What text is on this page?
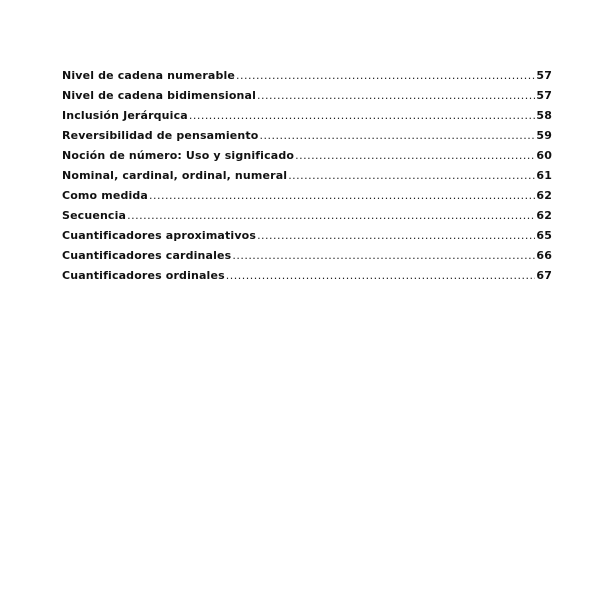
Nivel de cadena numerable .....	57
Nivel de cadena bidimensional .....	57
Inclusión Jerárquica .....	58
Reversibilidad de pensamiento .....	59
Noción de número: Uso y significado .....	60
Nominal, cardinal, ordinal, numeral .....	61
Como medida .....	62
Secuencia .....	62
Cuantificadores aproximativos .....	65
Cuantificadores cardinales .....	66
Cuantificadores ordinales .....	67
